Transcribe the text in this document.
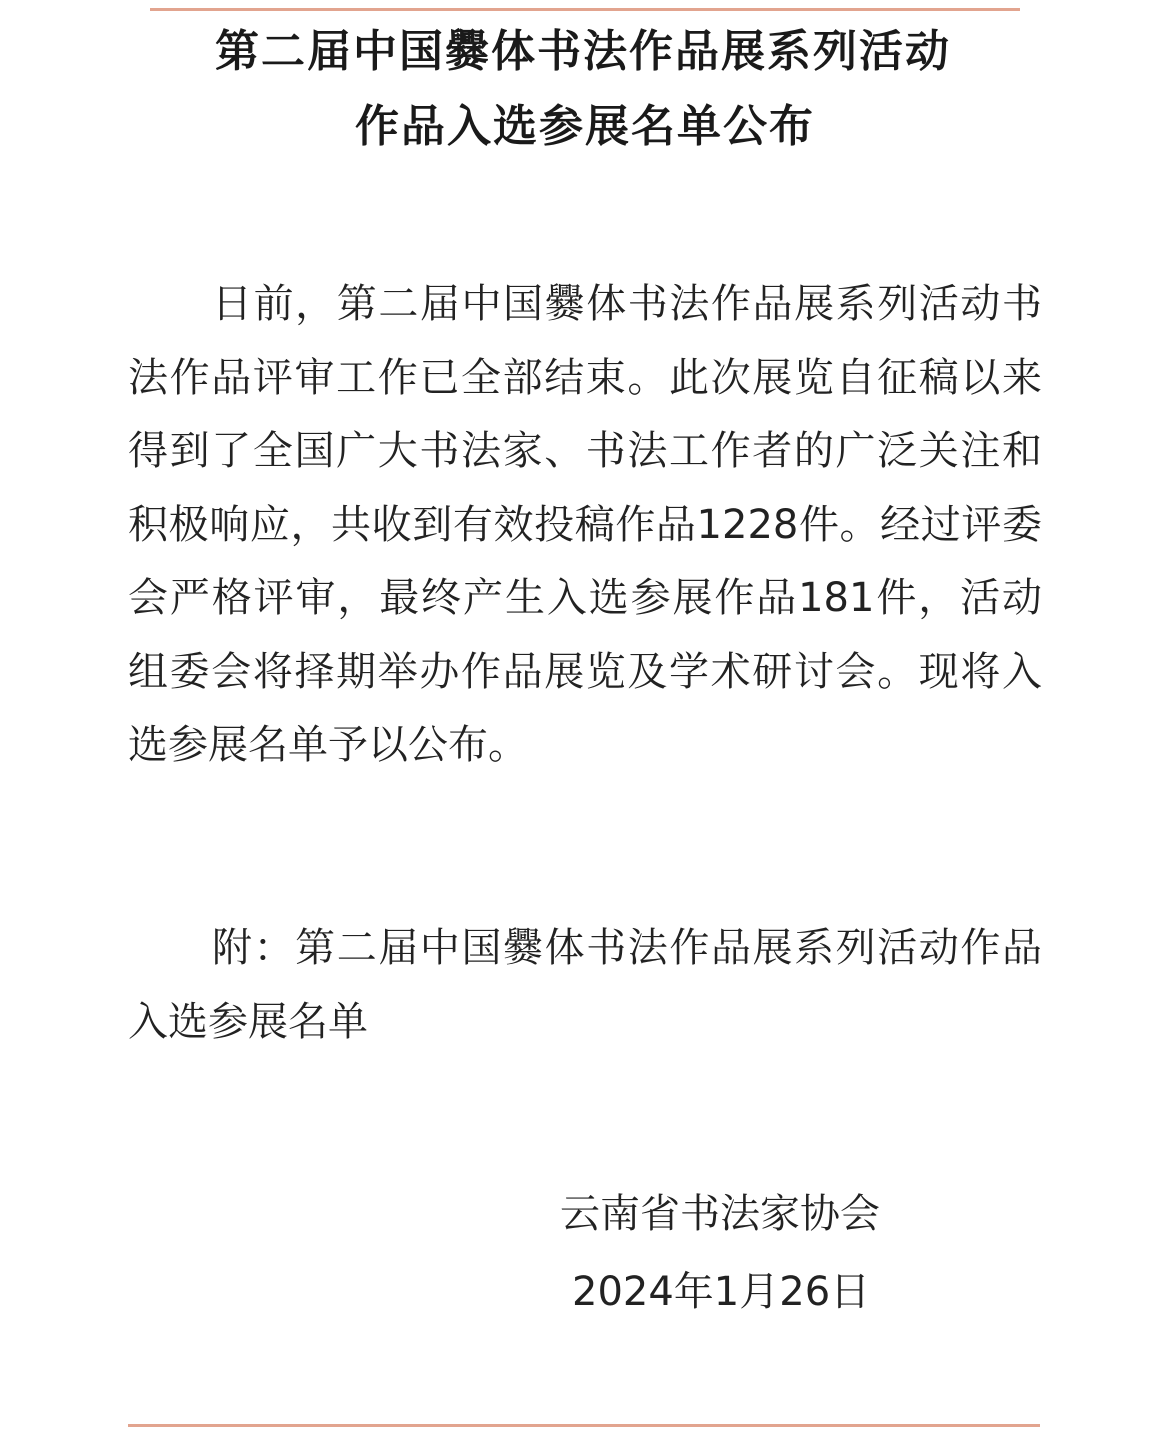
第二届中国爨体书法作品展系列活动
作品入选参展名单公布

日前，第二届中国爨体书法作品展系列活动书法作品评审工作已全部结束。此次展览自征稿以来得到了全国广大书法家、书法工作者的广泛关注和积极响应，共收到有效投稿作品1228件。经过评委会严格评审，最终产生入选参展作品181件，活动组委会将择期举办作品展览及学术研讨会。现将入选参展名单予以公布。

附：第二届中国爨体书法作品展系列活动作品入选参展名单

云南省书法家协会
2024年1月26日
